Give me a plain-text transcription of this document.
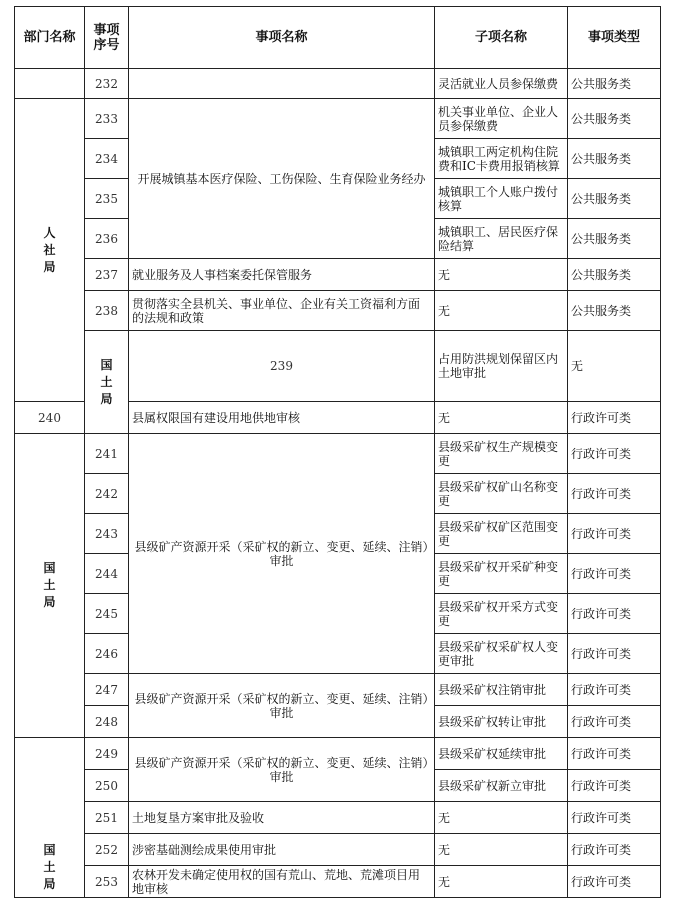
部门名称	事项序号	事项名称	子项名称	事项类型	
	232		灵活就业人员参保缴费	公共服务类	
人社局	233	开展城镇基本医疗保险、工伤保险、生育保险业务经办	机关事业单位、企业人员参保缴费	公共服务类	
	234		城镇职工两定机构住院费和IC卡费用报销核算	公共服务类	
	235		城镇职工个人账户拨付核算	公共服务类	
	236		城镇职工、居民医疗保险结算	公共服务类	
	237	就业服务及人事档案委托保管服务	无	公共服务类	
	238	贯彻落实全县机关、事业单位、企业有关工资福利方面的法规和政策	无	公共服务类	
	国土局	239	占用防洪规划保留区内土地审批	无	
240		县属权限国有建设用地供地审核	无	行政许可类	
国土局	241	县级矿产资源开采（采矿权的新立、变更、延续、注销）审批	县级采矿权生产规模变更	行政许可类	
	242		县级采矿权矿山名称变更	行政许可类	
	243		县级采矿权矿区范围变更	行政许可类	
	244		县级采矿权开采矿种变更	行政许可类	
	245		县级采矿权开采方式变更	行政许可类	
	246		县级采矿权采矿权人变更审批	行政许可类	
	247	县级矿产资源开采（采矿权的新立、变更、延续、注销）审批	县级采矿权注销审批	行政许可类	
	248		县级采矿权转让审批	行政许可类	
国土局	249	县级矿产资源开采（采矿权的新立、变更、延续、注销）审批	县级采矿权延续审批	行政许可类	
	250		县级采矿权新立审批	行政许可类	
	251	土地复垦方案审批及验收	无	行政许可类	
	252	涉密基础测绘成果使用审批	无	行政许可类	
	253	农林开发未确定使用权的国有荒山、荒地、荒滩项目用地审核	无	行政许可类	
